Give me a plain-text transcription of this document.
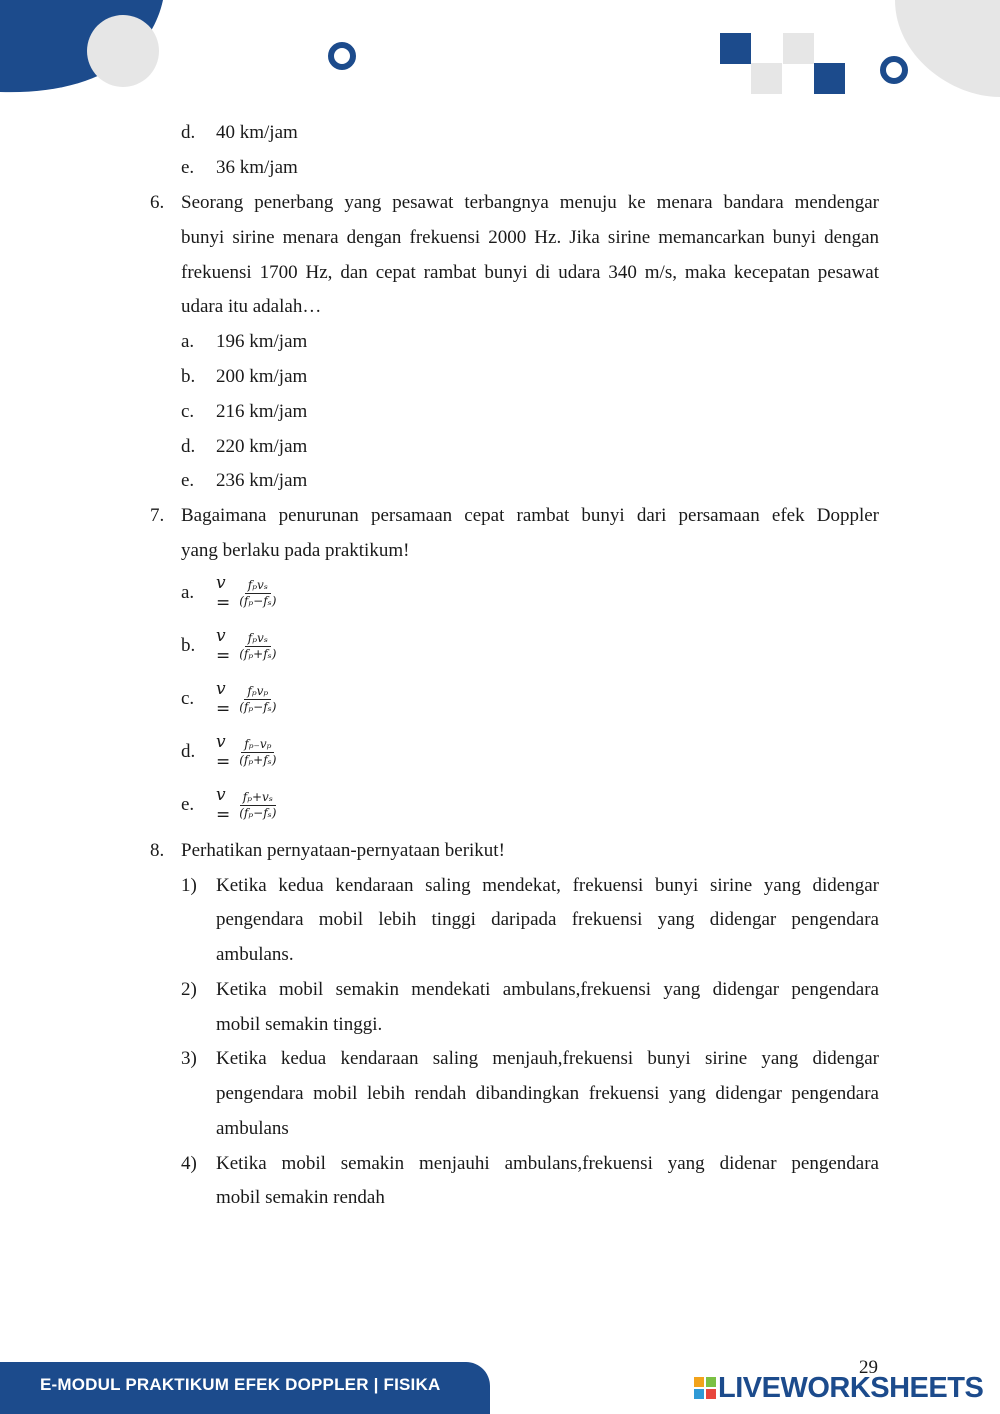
d. 40 km/jam
e. 36 km/jam
6. Seorang penerbang yang pesawat terbangnya menuju ke menara bandara mendengar
bunyi sirine menara dengan frekuensi 2000 Hz. Jika sirine memancarkan bunyi dengan
frekuensi 1700 Hz, dan cepat rambat bunyi di udara 340 m/s, maka kecepatan pesawat
udara itu adalah…
a. 196 km/jam
b. 200 km/jam
c. 216 km/jam
d. 220 km/jam
e. 236 km/jam
7. Bagaimana penurunan persamaan cepat rambat bunyi dari persamaan efek Doppler
yang berlaku pada praktikum!
a. $v = \frac{\text{fₚvₛ}}{\text{(fₚ−fₛ)}}$
b. $v = \frac{\text{fₚvₛ}}{\text{(fₚ+fₛ)}}$
c. $v = \frac{\text{fₚvₚ}}{\text{(fₚ−fₛ)}}$
d. $v = \frac{\text{fₚ₋vₚ}}{\text{(fₚ+fₛ)}}$
e. $v = \frac{\text{fₚ+vₛ}}{\text{(fₚ−fₛ)}}$
8. Perhatikan pernyataan-pernyataan berikut!
1) Ketika kedua kendaraan saling mendekat, frekuensi bunyi sirine yang didengar
pengendara mobil lebih tinggi daripada frekuensi yang didengar pengendara
ambulans.
2) Ketika mobil semakin mendekati ambulans,frekuensi yang didengar pengendara
mobil semakin tinggi.
3) Ketika kedua kendaraan saling menjauh,frekuensi bunyi sirine yang didengar
pengendara mobil lebih rendah dibandingkan frekuensi yang didengar pengendara
ambulans
4) Ketika mobil semakin menjauhi ambulans,frekuensi yang didenar pengendara
mobil semakin rendah
E-MODUL PRAKTIKUM EFEK DOPPLER | FISIKA
29
LIVEWORKSHEETS
